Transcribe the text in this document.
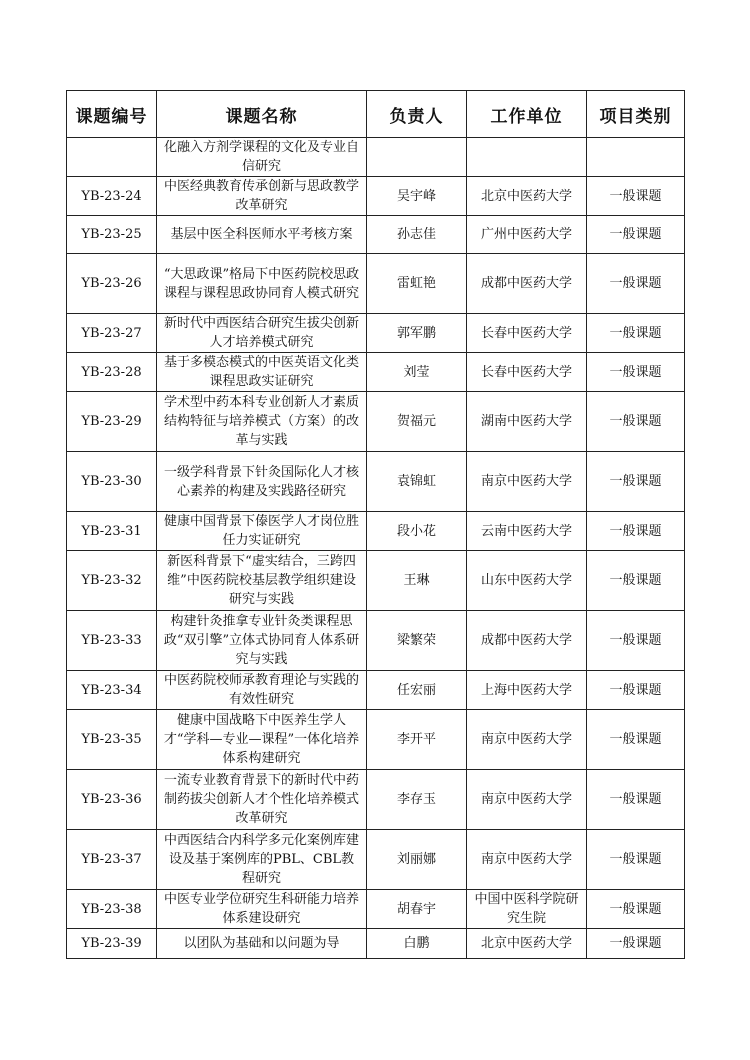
课题编号	课题名称	负责人	工作单位	项目类别
	化融入方剂学课程的文化及专业自信研究			
YB-23-24	中医经典教育传承创新与思政教学改革研究	吴宇峰	北京中医药大学	一般课题
YB-23-25	基层中医全科医师水平考核方案	孙志佳	广州中医药大学	一般课题
YB-23-26	“大思政课”格局下中医药院校思政课程与课程思政协同育人模式研究	雷虹艳	成都中医药大学	一般课题
YB-23-27	新时代中西医结合研究生拔尖创新人才培养模式研究	郭军鹏	长春中医药大学	一般课题
YB-23-28	基于多模态模式的中医英语文化类课程思政实证研究	刘莹	长春中医药大学	一般课题
YB-23-29	学术型中药本科专业创新人才素质结构特征与培养模式（方案）的改革与实践	贺福元	湖南中医药大学	一般课题
YB-23-30	一级学科背景下针灸国际化人才核心素养的构建及实践路径研究	袁锦虹	南京中医药大学	一般课题
YB-23-31	健康中国背景下傣医学人才岗位胜任力实证研究	段小花	云南中医药大学	一般课题
YB-23-32	新医科背景下“虚实结合，三跨四维”中医药院校基层教学组织建设研究与实践	王琳	山东中医药大学	一般课题
YB-23-33	构建针灸推拿专业针灸类课程思政“双引擎”立体式协同育人体系研究与实践	梁繁荣	成都中医药大学	一般课题
YB-23-34	中医药院校师承教育理论与实践的有效性研究	任宏丽	上海中医药大学	一般课题
YB-23-35	健康中国战略下中医养生学人才“学科—专业—课程”一体化培养体系构建研究	李开平	南京中医药大学	一般课题
YB-23-36	一流专业教育背景下的新时代中药制药拔尖创新人才个性化培养模式改革研究	李存玉	南京中医药大学	一般课题
YB-23-37	中西医结合内科学多元化案例库建设及基于案例库的PBL、CBL教程研究	刘丽娜	南京中医药大学	一般课题
YB-23-38	中医专业学位研究生科研能力培养体系建设研究	胡春宇	中国中医科学院研究生院	一般课题
YB-23-39	以团队为基础和以问题为导	白鹏	北京中医药大学	一般课题
